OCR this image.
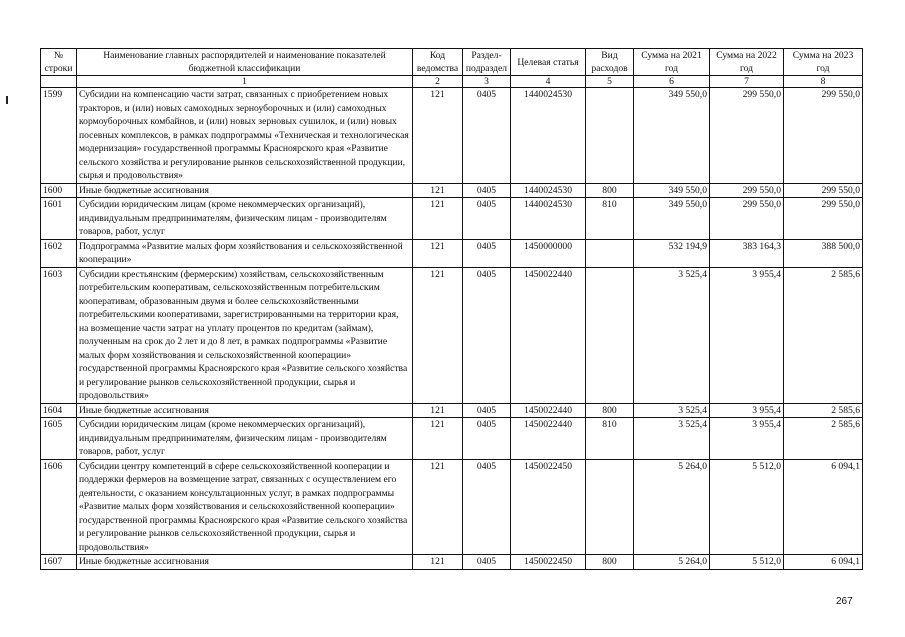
№ строки	Наименование главных распорядителей и наименование показателей бюджетной классификации	Код ведомства	Раздел-подраздел	Целевая статья	Вид расходов	Сумма на 2021 год	Сумма на 2022 год	Сумма на 2023 год
	1	2	3	4	5	6	7	8
1599	Субсидии на компенсацию части затрат, связанных с приобретением новых тракторов, и (или) новых самоходных зерноуборочных и (или) самоходных кормоуборочных комбайнов, и (или) новых зерновых сушилок, и (или) новых посевных комплексов, в рамках подпрограммы «Техническая и технологическая модернизация» государственной программы Красноярского края «Развитие сельского хозяйства и регулирование рынков сельскохозяйственной продукции, сырья и продовольствия»	121	0405	1440024530		349 550,0	299 550,0	299 550,0
1600	Иные бюджетные ассигнования	121	0405	1440024530	800	349 550,0	299 550,0	299 550,0
1601	Субсидии юридическим лицам (кроме некоммерческих организаций), индивидуальным предпринимателям, физическим лицам - производителям товаров, работ, услуг	121	0405	1440024530	810	349 550,0	299 550,0	299 550,0
1602	Подпрограмма «Развитие малых форм хозяйствования и сельскохозяйственной кооперации»	121	0405	1450000000		532 194,9	383 164,3	388 500,0
1603	Субсидии крестьянским (фермерским) хозяйствам, сельскохозяйственным потребительским кооперативам, сельскохозяйственным потребительским кооперативам, образованным двумя и более сельскохозяйственными потребительскими кооперативами, зарегистрированными на территории края, на возмещение части затрат на уплату процентов по кредитам (займам), полученным на срок до 2 лет и до 8 лет, в рамках подпрограммы «Развитие малых форм хозяйствования и сельскохозяйственной кооперации» государственной программы Красноярского края «Развитие сельского хозяйства и регулирование рынков сельскохозяйственной продукции, сырья и продовольствия»	121	0405	1450022440		3 525,4	3 955,4	2 585,6
1604	Иные бюджетные ассигнования	121	0405	1450022440	800	3 525,4	3 955,4	2 585,6
1605	Субсидии юридическим лицам (кроме некоммерческих организаций), индивидуальным предпринимателям, физическим лицам - производителям товаров, работ, услуг	121	0405	1450022440	810	3 525,4	3 955,4	2 585,6
1606	Субсидии центру компетенций в сфере сельскохозяйственной кооперации и поддержки фермеров на возмещение затрат, связанных с осуществлением его деятельности, с оказанием консультационных услуг, в рамках подпрограммы «Развитие малых форм хозяйствования и сельскохозяйственной кооперации» государственной программы Красноярского края «Развитие сельского хозяйства и регулирование рынков сельскохозяйственной продукции, сырья и продовольствия»	121	0405	1450022450		5 264,0	5 512,0	6 094,1
1607	Иные бюджетные ассигнования	121	0405	1450022450	800	5 264,0	5 512,0	6 094,1
267
